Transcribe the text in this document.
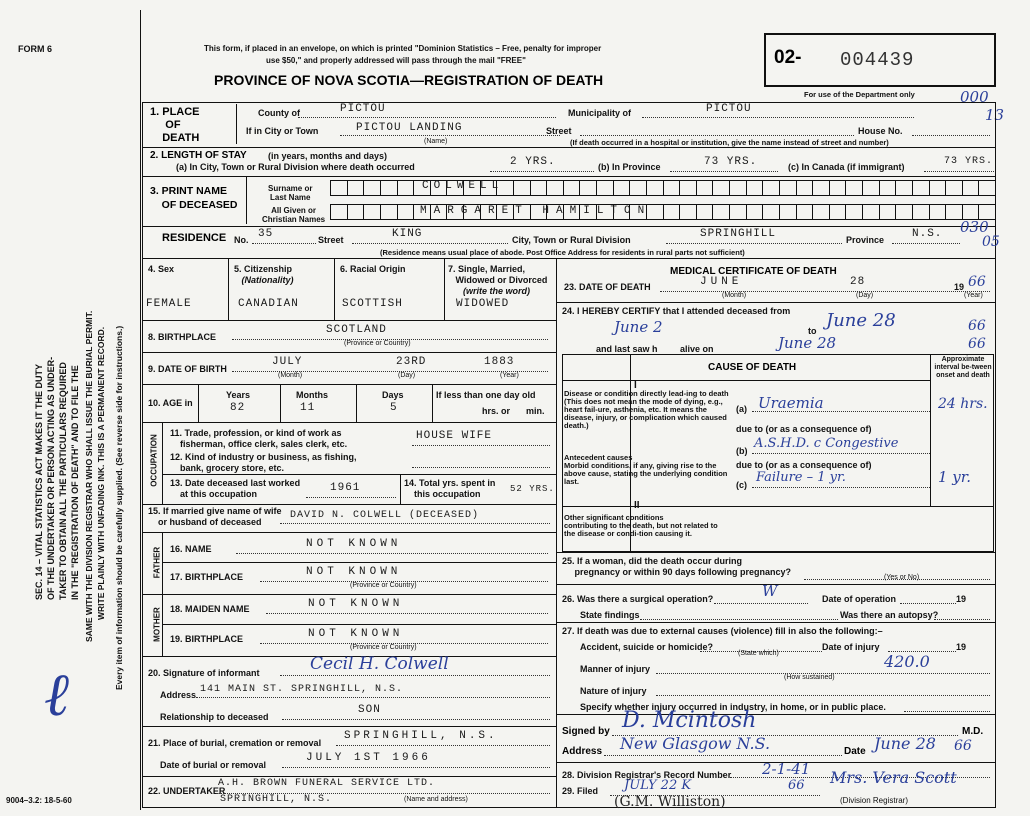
FORM 6
SEC. 14 – VITAL STATISTICS ACT MAKES IT THE DUTY OF THE UNDERTAKER OR PERSON ACTING AS UNDER- TAKER TO OBTAIN ALL THE PARTICULARS REQUIRED IN THE "REGISTRATION OF DEATH" AND TO FILE THE SAME WITH THE DIVISION REGISTRAR WHO SHALL ISSUE THE BURIAL PERMIT. WRITE PLAINLY WITH UNFADING INK. THIS IS A PERMANENT RECORD. Every item of information should be carefully supplied. (See reverse side for instructions.)
ℓ
This form, if placed in an envelope, on which is printed "Dominion Statistics – Free, penalty for improper
use $50," and properly addressed will pass through the mail "FREE"
PROVINCE OF NOVA SCOTIA—REGISTRATION OF DEATH
02- 004439
For use of the Department only	000
13
1. PLACE
OF
DEATH
County of	PICTOU	Municipality of	PICTOU
If in City or Town	PICTOU LANDING
(Name)
Street	House No.
(If death occurred in a hospital or institution, give the name instead of street and number)
2. LENGTH OF STAY (in years, months and days)
(a) In City, Town or Rural Division where death occurred	2 YRS.	(b) In Province	73 YRS.	(c) In Canada (if immigrant)	73 YRS.
3. PRINT NAME
OF DECEASED
Surname or
Last Name
All Given or
Christian Names
COLWELL
MARGARET HAMILTON
RESIDENCE No. 35	Street	KING	City, Town or Rural Division	SPRINGHILL	Province	N.S. 030
05
(Residence means usual place of abode. Post Office Address for residents in rural parts not sufficient)
4. Sex	5. Citizenship
(Nationality)
6. Racial Origin	7. Single, Married,
Widowed or Divorced
(write the word)
FEMALE	CANADIAN	SCOTTISH	WIDOWED
8. BIRTHPLACE
SCOTLAND
(Province or Country)
9. DATE OF BIRTH
JULY	23RD	1883
(Month)	(Day)	(Year)
10. AGE in
Years	Months	Days	If less than one day old
hrs. or min.
82	11	5
OCCUPATION
11. Trade, profession, or kind of work as
fisherman, office clerk, sales clerk, etc.
HOUSE WIFE
12. Kind of industry or business, as fishing,
bank, grocery store, etc.
13. Date deceased last worked
at this occupation	1961	14. Total yrs. spent in
this occupation	52 YRS.
15. If married give name of wife
or husband of deceased
DAVID N. COLWELL (DECEASED)
FATHER 16. NAME	NOT KNOWN
17. BIRTHPLACE	NOT KNOWN
(Province or Country)
MOTHER 18. MAIDEN NAME	NOT KNOWN
19. BIRTHPLACE	NOT KNOWN
(Province or Country)
20. Signature of informant	Cecil H. Colwell
Address 141 MAIN ST. SPRINGHILL, N.S.
Relationship to deceased
SON
21. Place of burial, cremation or removal
SPRINGHILL, N.S.
Date of burial or removal
JULY 1ST 1966
22. UNDERTAKER
A.H. BROWN FUNERAL SERVICE LTD.
SPRINGHILL, N.S.	(Name and address)
9004–3.2: 18-5-60
MEDICAL CERTIFICATE OF DEATH
23. DATE OF DEATH	JUNE	28	19 66
(Month)	(Day)	(Year)
24. I HEREBY CERTIFY that I attended deceased from
June 2	to June 28	66
and last saw h alive on	June 28	66
CAUSE OF DEATH
Approximate interval be-tween onset and death
I
Disease or condition directly lead-ing to death (This does not mean the mode of dying, e.g., heart fail-ure, asthenia, etc. It means the disease, injury, or complication which caused death.)
(a) Uraemia	24 hrs.
due to (or as a consequence of)
Antecedent causes
Morbid conditions, if any, giving rise to the above cause, stating the underlying condition last.
(b) A.S.H.D. c Congestive
due to (or as a consequence of)
(c) Failure – 1 yr.	1 yr.
II
Other significant conditions
contributing to the death, but not related to the disease or condi-tion causing it.
25. If a woman, did the death occur during
pregnancy or within 90 days following pregnancy?
(Yes or No)
26. Was there a surgical operation?	W	Date of operation	19
State findings	Was there an autopsy?
27. If death was due to external causes (violence) fill in also the following:–
Accident, suicide or homicide?
(State which)
Date of injury	19
Manner of injury	420.0
(How sustained)
Nature of injury
Specify whether injury occurred in industry, in home, or in public place.
Signed by D. Mcintosh	M.D.
Address New Glasgow N.S.	Date June 28 66
28. Division Registrar's Record Number 2-1-41
29. Filed JULY 22 K	66 Mrs. Vera Scott
(Division Registrar)
(G.M. Williston)
